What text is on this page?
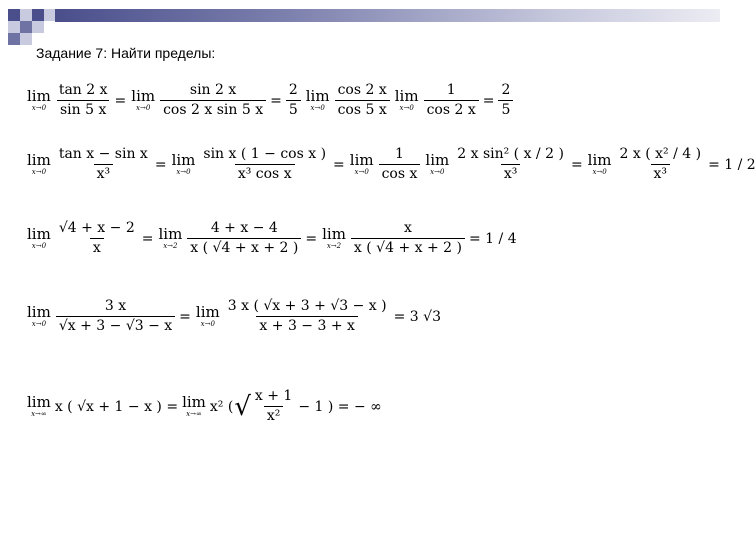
Задание 7: Найти пределы:
lim
$x\to 0 \frac{\tan 2 x}{\sin 5 x} = \lim$
$x\to 0 \frac{\sin 2 x}{\text{cos 2 x sin 5 x}} = \frac{2}{5}$ lim
$x\to 0 \frac{\cos 2 x}{\cos 5 x}$ lim
$x\to 0 \frac{1}{\cos 2 x} = \frac{2}{5}$
lim
$x\to 0 \frac{\text{tan x − sin x}}{\text{x³}} = \lim$
$x\to 0 \frac{\text{sin x ( 1 − cos x )}}{\text{x³ cos x}} = \lim$
$x\to 0 \frac{1}{\text{cos x}}$ lim
$x\to 0 \frac{\text{2 x sin² ( x / 2 )}}{\text{x³}} = \lim$
$x\to 0 \frac{\text{2 x ( x² / 4 )}}{\text{x³}} = 1 / 2$
lim
$x\to 0 \frac{√4 + x - 2}{x} = \lim$
$x\to 2 \frac{4 + x - 4}{x ( √4 + x + 2 )} = \lim$
$x\to 2 \frac{x}{x ( √4 + x + 2 )} = 1 / 4$
lim
$x\to 0 \frac{3 x}{√x + 3 - √3 - x} = \lim$
$x\to 0 \frac{3 x ( √x + 3 + √3 - x )}{x + 3 - 3 + x} = 3$ √3
lim
x→∞ x ( √x + 1 − x ) = lim
x→∞ x² ( √ $\frac{x + 1}{\text{x²}} - 1$ ) = − ∞
